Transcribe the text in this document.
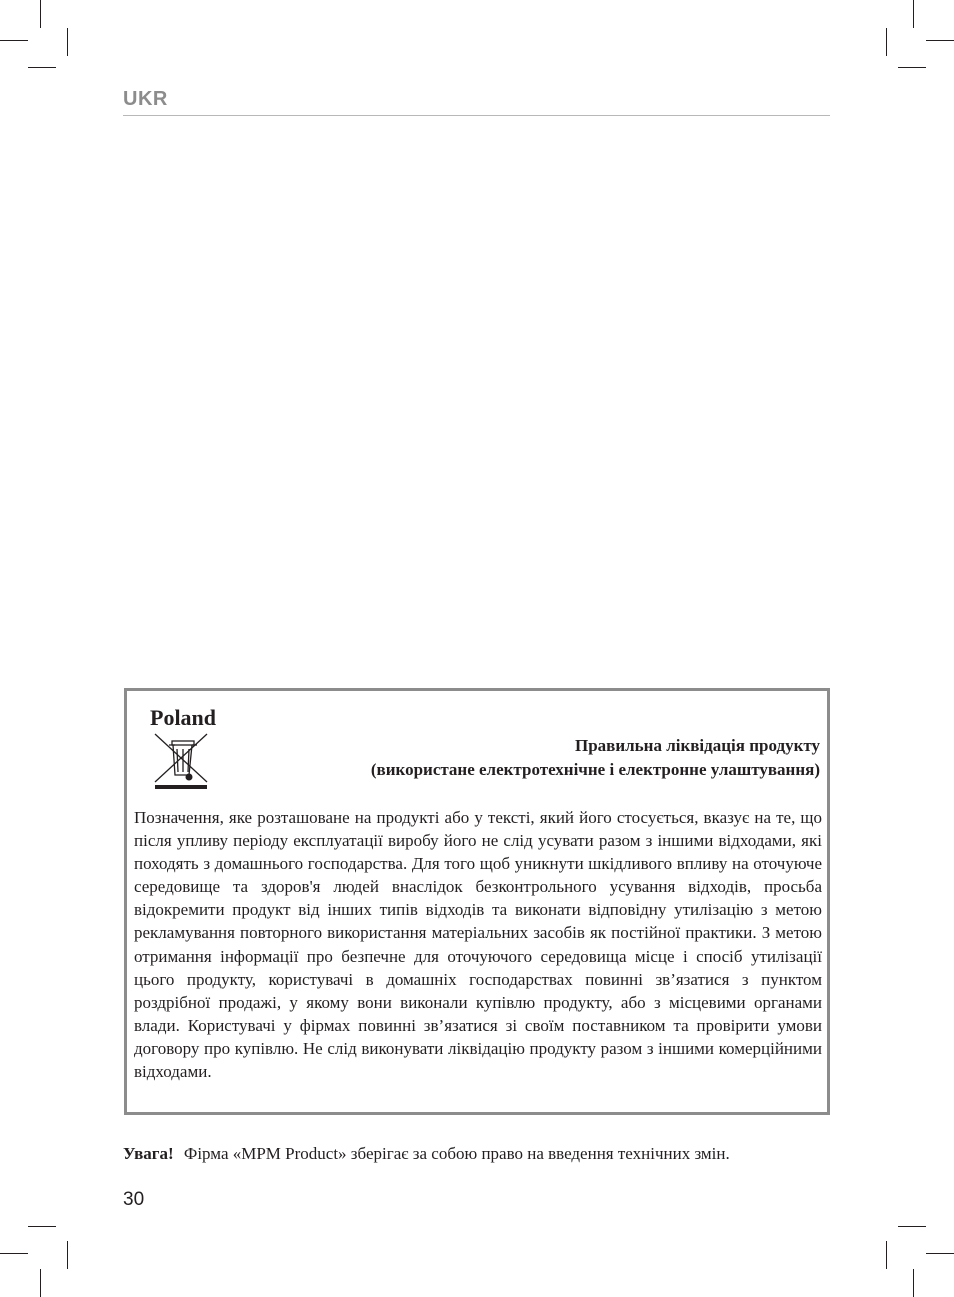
UKR
Poland
Правильна ліквідація продукту
(використане електротехнічне і електронне улаштування)

Позначення, яке розташоване на продукті або у тексті, який його стосується, вказує на те, що після упливу періоду експлуатації виробу його не слід усувати разом з іншими відходами, які походять з домашнього господарства. Для того щоб уникнути шкідливого впливу на оточуюче середовище та здоров'я людей внаслідок безконтрольного усування відходів, просьба відокремити продукт від інших типів відходів та виконати відповідну утилізацію з метою рекламування повторного використання матеріальних засобів як постійної практики. З метою отримання інформації про безпечне для оточуючого середовища місце і спосіб утилізації цього продукту, користувачі в домашніх господарствах повинні зв’язатися з пунктом роздрібної продажі, у якому вони виконали купівлю продукту, або з місцевими органами влади. Користувачі у фірмах повинні зв’язатися зі своїм поставником та провірити умови договору про купівлю. Не слід виконувати ліквідацію продукту разом з іншими комерційними відходами.

Увага! Фірма «MPM Product» зберігає за собою право на введення технічних змін.
30
